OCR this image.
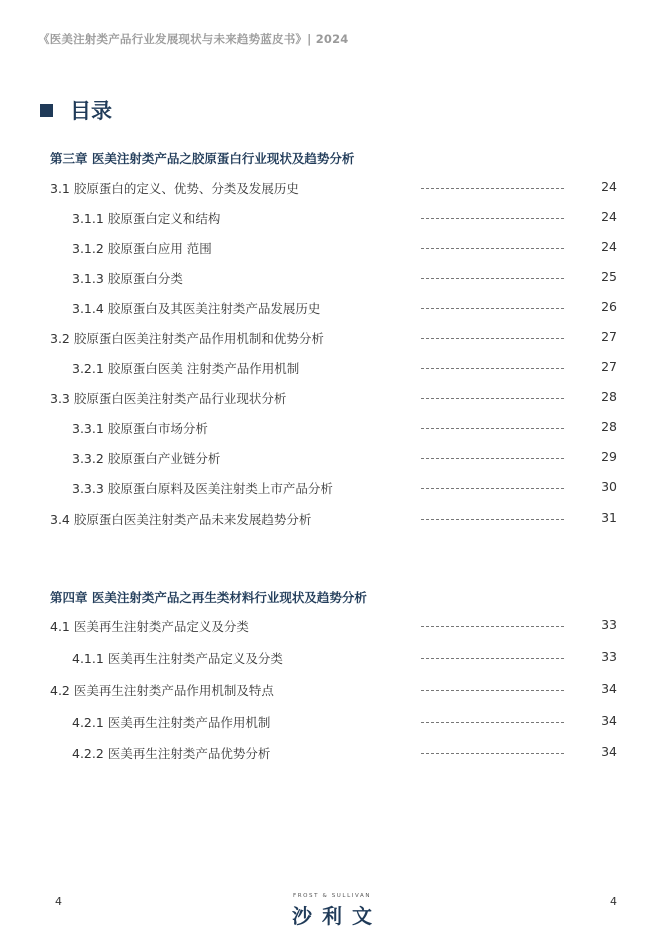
《医美注射类产品行业发展现状与未来趋势蓝皮书》| 2024
目录
第三章 医美注射类产品之胶原蛋白行业现状及趋势分析
3.1 胶原蛋白的定义、优势、分类及发展历史	24
3.1.1 胶原蛋白定义和结构	24
3.1.2 胶原蛋白应用 范围	24
3.1.3 胶原蛋白分类	25
3.1.4 胶原蛋白及其医美注射类产品发展历史	26
3.2 胶原蛋白医美注射类产品作用机制和优势分析	27
3.2.1 胶原蛋白医美 注射类产品作用机制	27
3.3 胶原蛋白医美注射类产品行业现状分析	28
3.3.1 胶原蛋白市场分析	28
3.3.2 胶原蛋白产业链分析	29
3.3.3 胶原蛋白原料及医美注射类上市产品分析	30
3.4 胶原蛋白医美注射类产品未来发展趋势分析	31
第四章 医美注射类产品之再生类材料行业现状及趋势分析
4.1 医美再生注射类产品定义及分类	33
4.1.1 医美再生注射类产品定义及分类	33
4.2 医美再生注射类产品作用机制及特点	34
4.2.1 医美再生注射类产品作用机制	34
4.2.2 医美再生注射类产品优势分析	34
4	FROST & SULLIVAN
沙利文
4
